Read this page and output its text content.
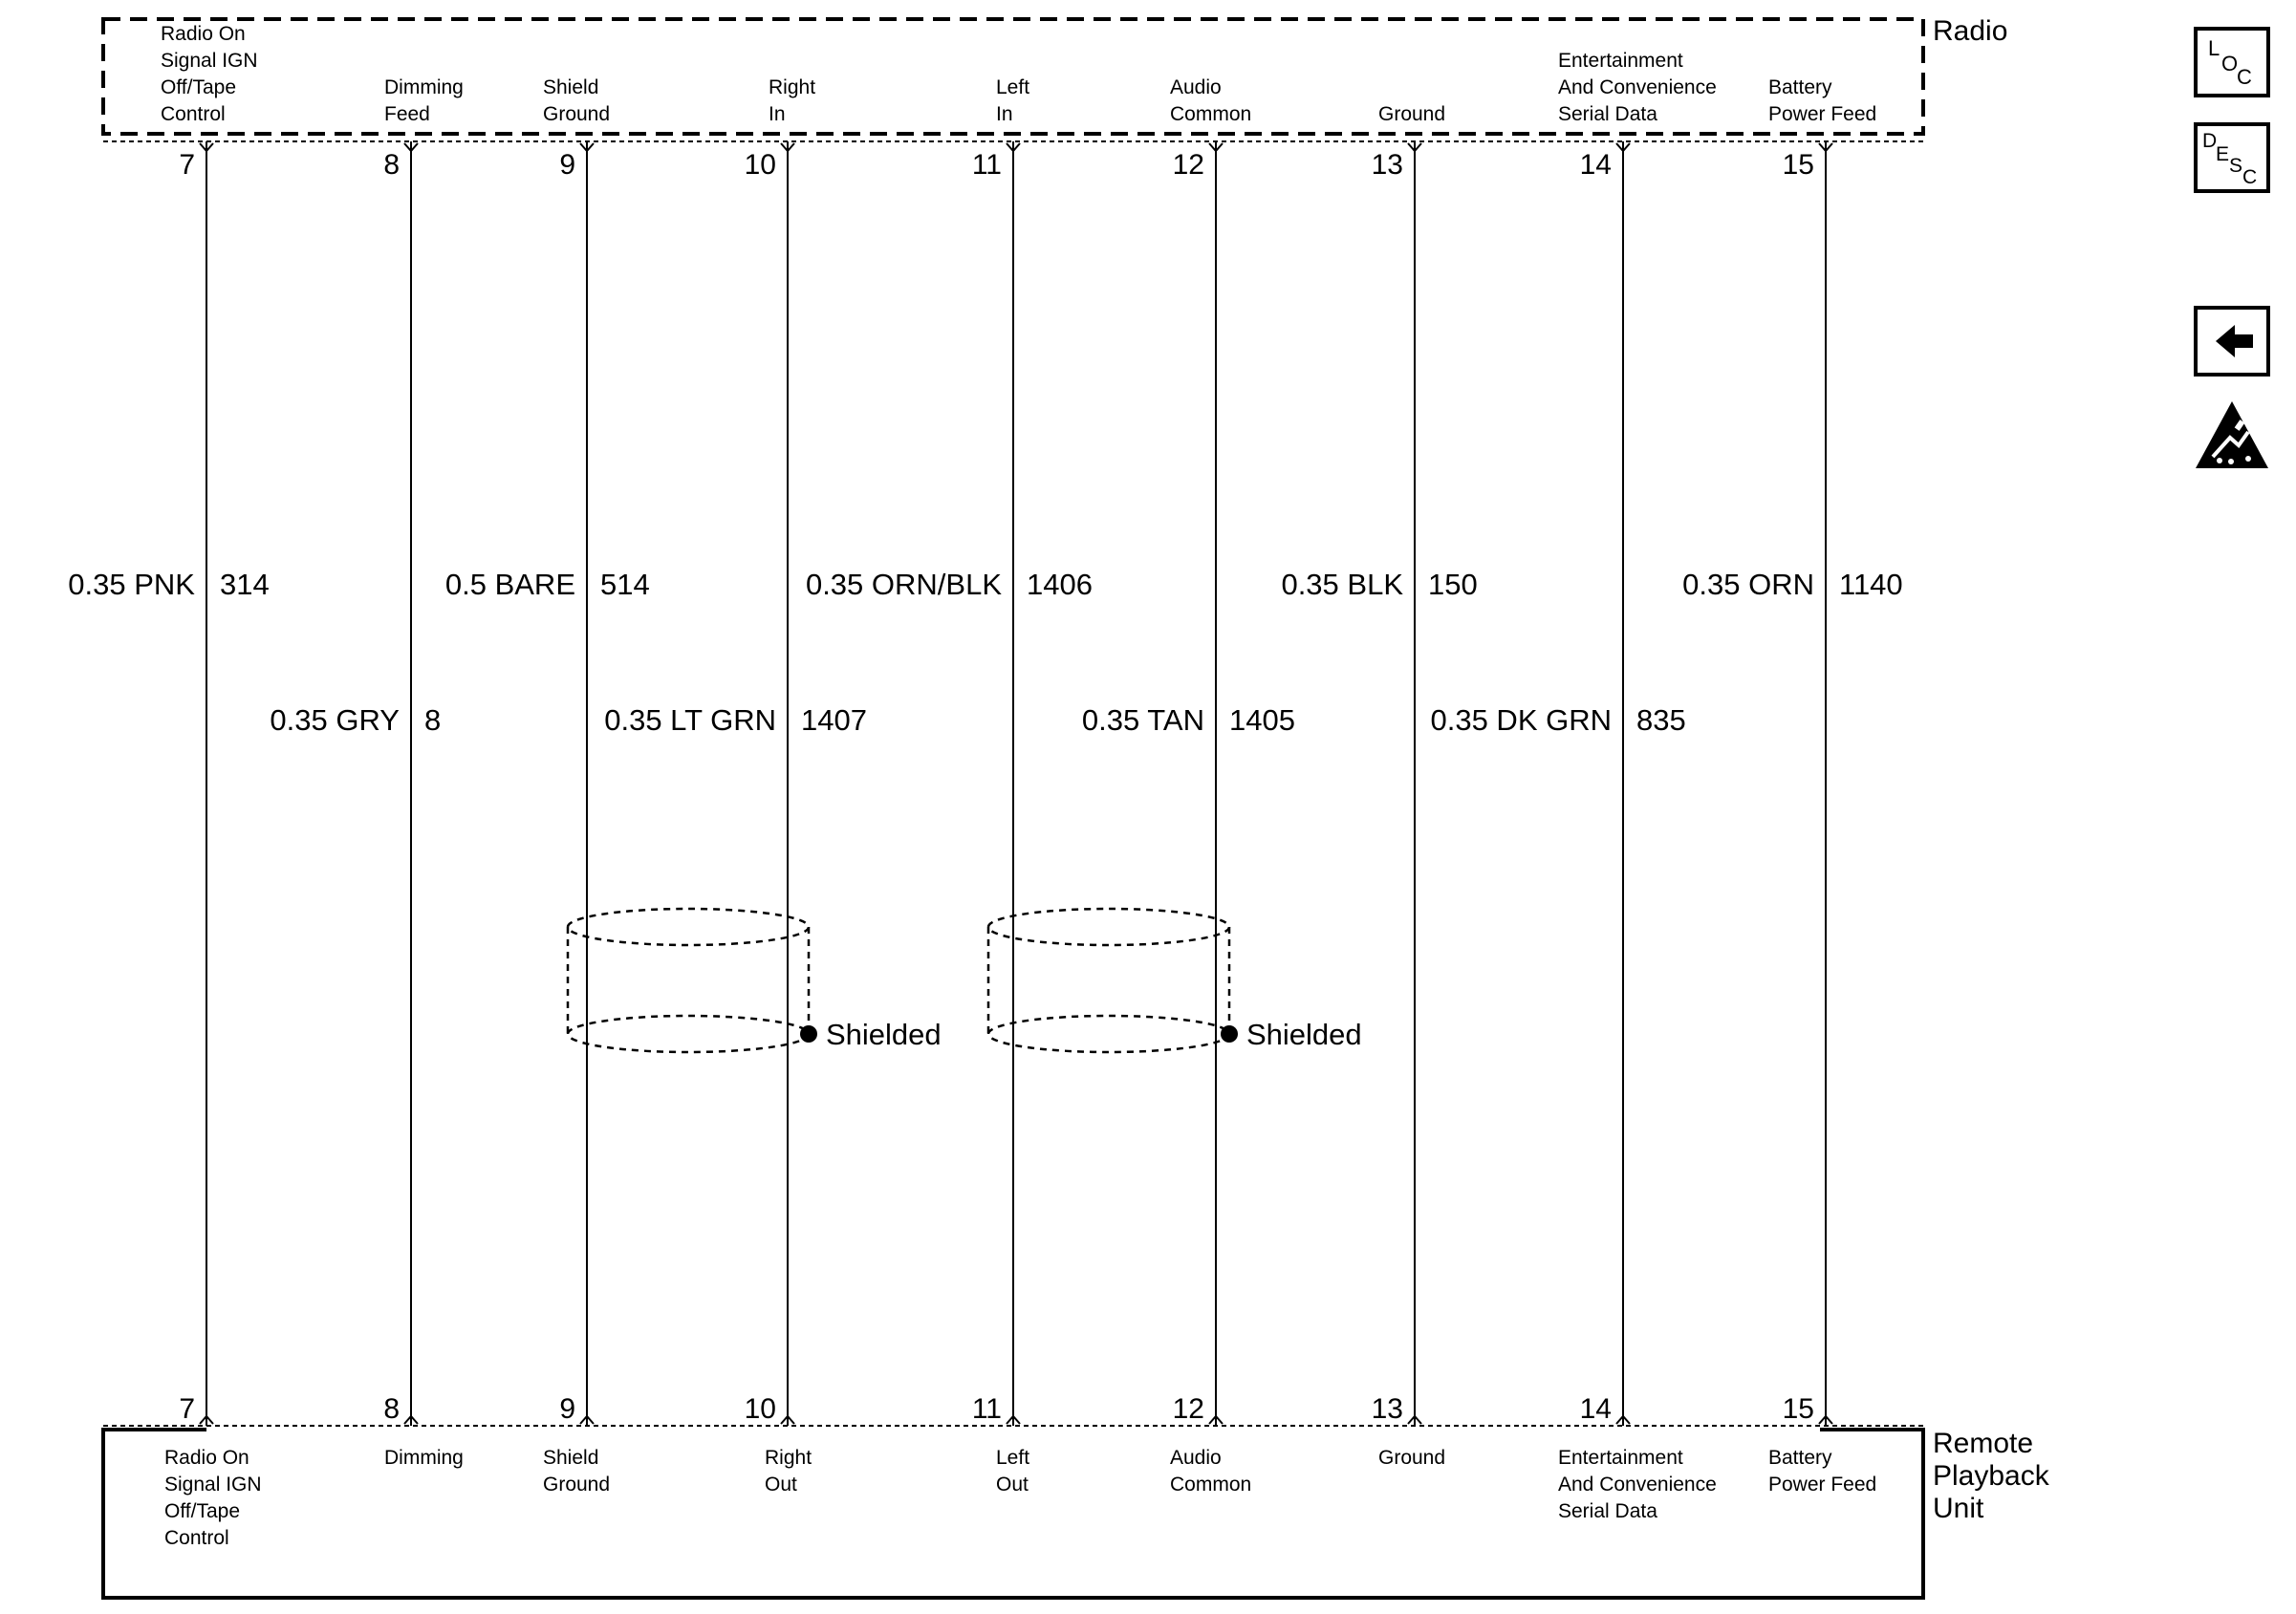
Radio
Remote
Playback
Unit
Radio On
Signal IGN
Off/Tape
Control
7
Dimming
Feed
8
Shield
Ground
9
Right
In
10
Left
In
11
Audio
Common
12
Ground
13
Entertainment
And Convenience
Serial Data
14
Battery
Power Feed
15
Radio On
Signal IGN
Off/Tape
Control
7
Dimming
8
Shield
Ground
9
Right
Out
10
Left
Out
11
Audio
Common
12
Ground
13
Entertainment
And Convenience
Serial Data
14
Battery
Power Feed
15
0.35 PNK 314
0.35 GRY 8
0.5 BARE 514
0.35 LT GRN 1407
0.35 ORN/BLK 1406
0.35 TAN 1405
0.35 BLK 150
0.35 DK GRN 835
0.35 ORN 1140
Shielded	Shielded
L
O
C
D
E
S
C
